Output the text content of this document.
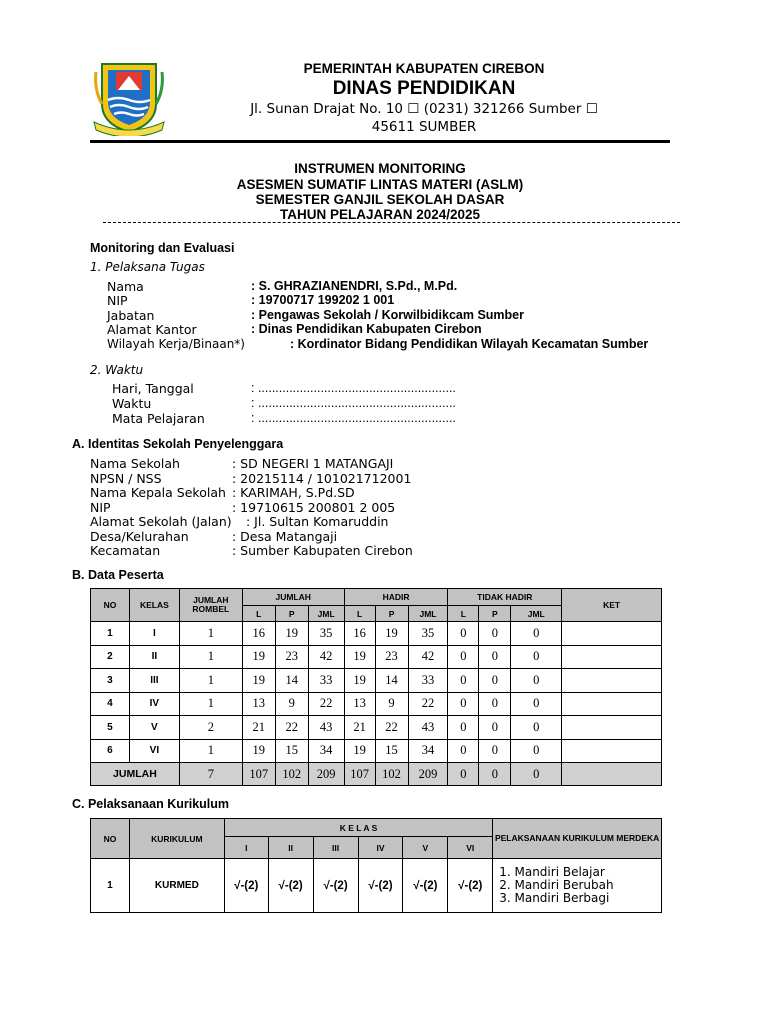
PEMERINTAH KABUPATEN CIREBON
DINAS PENDIDIKAN
Jl. Sunan Drajat No. 10 ☐ (0231) 321266 Sumber ☐
45611 SUMBER
INSTRUMEN MONITORING
ASESMEN SUMATIF LINTAS MATERI (ASLM)
SEMESTER GANJIL SEKOLAH DASAR
TAHUN PELAJARAN 2024/2025
Monitoring dan Evaluasi
1. Pelaksana Tugas
Nama	: S. GHRAZIANENDRI, S.Pd., M.Pd.
NIP	: 19700717 199202 1 001
Jabatan	: Pengawas Sekolah / Korwilbidikcam Sumber
Alamat Kantor	: Dinas Pendidikan Kabupaten Cirebon
Wilayah Kerja/Binaan*)	: Kordinator Bidang Pendidikan Wilayah Kecamatan Sumber
2. Waktu
Hari, Tanggal	: .........................................................
Waktu	: .........................................................
Mata Pelajaran	: .........................................................
A. Identitas Sekolah Penyelenggara
Nama Sekolah	: SD NEGERI 1 MATANGAJI
NPSN / NSS	: 20215114 / 101021712001
Nama Kepala Sekolah : KARIMAH, S.Pd.SD
NIP	: 19710615 200801 2 005
Alamat Sekolah (Jalan) : Jl. Sultan Komaruddin
Desa/Kelurahan	: Desa Matangaji
Kecamatan	: Sumber Kabupaten Cirebon
B. Data Peserta
NO	KELAS	JUMLAH ROMBEL	JUMLAH			HADIR			TIDAK HADIR			KET
			L	P	JML	L	P	JML	L	P	JML	
1	I	1	16	19	35	16	19	35	0	0	0	
2	II	1	19	23	42	19	23	42	0	0	0	
3	III	1	19	14	33	19	14	33	0	0	0	
4	IV	1	13	9	22	13	9	22	0	0	0	
5	V	2	21	22	43	21	22	43	0	0	0	
6	VI	1	19	15	34	19	15	34	0	0	0	
JUMLAH		7	107	102	209	107	102	209	0	0	0	
C. Pelaksanaan Kurikulum
NO	KURIKULUM	K E L A S						PELAKSANAAN KURIKULUM MERDEKA
		I	II	III	IV	V	VI	
1	KURMED	√-(2)	√-(2)	√-(2)	√-(2)	√-(2)	√-(2)	1. Mandiri Belajar
2. Mandiri Berubah
3. Mandiri Berbagi
